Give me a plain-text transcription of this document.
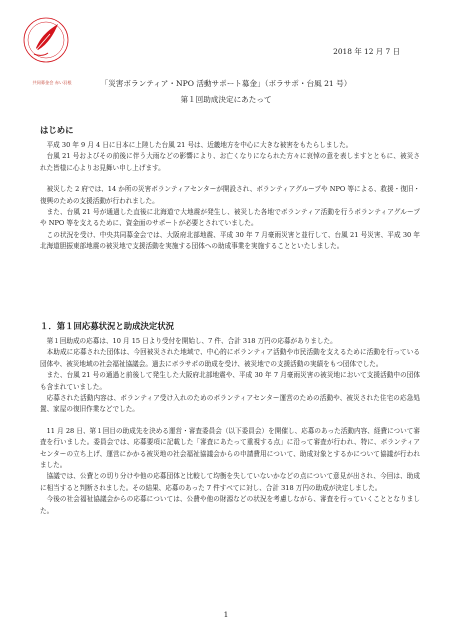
共同募金会 赤い羽根
2018 年 12 月 7 日
「災害ボランティア・NPO 活動サポート募金」（ボラサポ・台風 21 号）
第１回助成決定にあたって
はじめに

平成 30 年 9 月 4 日に日本に上陸した台風 21 号は、近畿地方を中心に大きな被害をもたらしました。

台風 21 号およびその前後に伴う大雨などの影響により、お亡くなりになられた方々に哀悼の意を表しますとともに、被災された皆様に心よりお見舞い申し上げます。

被災した 2 府では、14 か所の災害ボランティアセンターが開設され、ボランティアグループや NPO 等による、救援・復旧・復興のための支援活動が行われました。

また、台風 21 号が通過した直後に北海道で大地震が発生し、被災した各地でボランティア活動を行うボランティアグループや NPO 等を支えるために、資金面のサポートが必要とされていました。

この状況を受け、中央共同募金会では、大阪府北部地震、平成 30 年 7 月豪雨災害と並行して、台風 21 号災害、平成 30 年北海道胆振東部地震の被災地で支援活動を実施する団体への助成事業を実施することといたしました。

１．第１回応募状況と助成決定状況

第１回助成の応募は、10 月 15 日より受付を開始し、7 件、合計 318 万円の応募がありました。

本助成に応募された団体は、今回被災された地域で、中心的にボランティア活動や市民活動を支えるために活動を行っている団体や、被災地域の社会福祉協議会。過去にボラサポの助成を受け、被災地での支援活動の実績をもつ団体でした。

また、台風 21 号の通過と前後して発生した大阪府北部地震や、平成 30 年 7 月豪雨災害の被災地において支援活動中の団体も含まれていました。

応募された活動内容は、ボランティア受け入れのためのボランティアセンター運営のための活動や、被災された住宅の応急処置、家屋の復旧作業などでした。

11 月 28 日、第１回目の助成先を決める運営・審査委員会（以下委員会）を開催し、応募のあった活動内容、経費について審査を行いました。委員会では、応募要項に記載した「審査にあたって重視する点」に沿って審査が行われ、特に、ボランティアセンターの立ち上げ、運営にかかる被災地の社会福祉協議会からの申請費用について、助成対象とするかについて協議が行われました。

協議では、公費との切り分けや他の応募団体と比較して均衡を失していないかなどの点について意見が出され、今回は、助成に相当すると判断されました。その結果、応募のあった 7 件すべてに対し、合計 318 万円の助成が決定しました。

今後の社会福祉協議会からの応募については、公費や他の財源などの状況を考慮しながら、審査を行っていくこととなりました。

1
